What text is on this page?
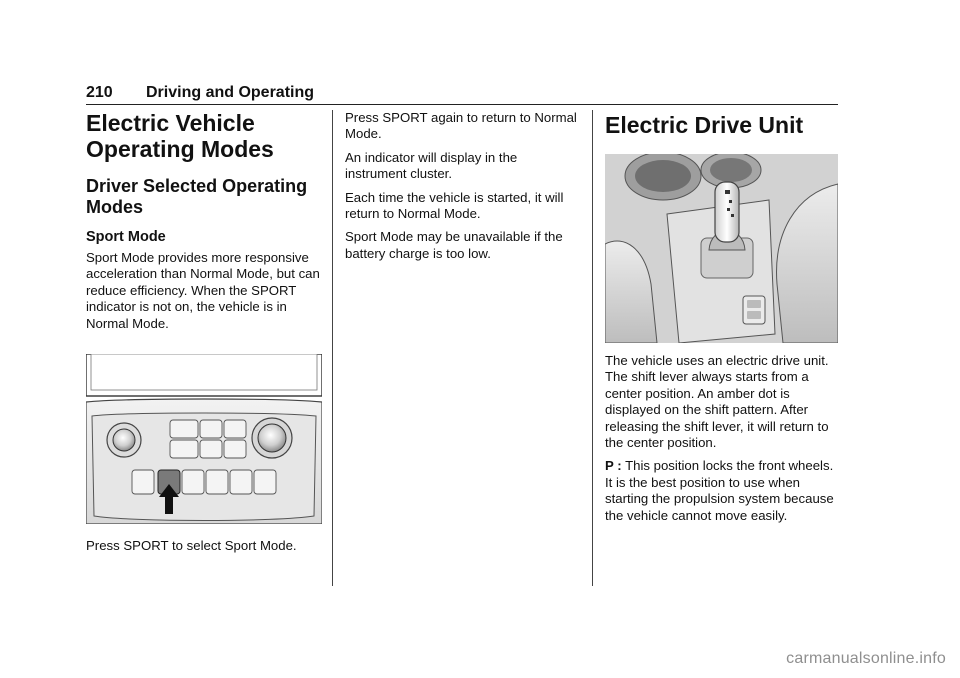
210 Driving and Operating
Electric Vehicle Operating Modes
Driver Selected Operating Modes
Sport Mode

Sport Mode provides more responsive acceleration than Normal Mode, but can reduce efficiency. When the SPORT indicator is not on, the vehicle is in Normal Mode.

Press SPORT to select Sport Mode.

Press SPORT again to return to Normal Mode.

An indicator will display in the instrument cluster.

Each time the vehicle is started, it will return to Normal Mode.

Sport Mode may be unavailable if the battery charge is too low.

Electric Drive Unit

The vehicle uses an electric drive unit. The shift lever always starts from a center position. An amber dot is displayed on the shift pattern. After releasing the shift lever, it will return to the center position.

P : This position locks the front wheels. It is the best position to use when starting the propulsion system because the vehicle cannot move easily.

carmanualsonline.info
